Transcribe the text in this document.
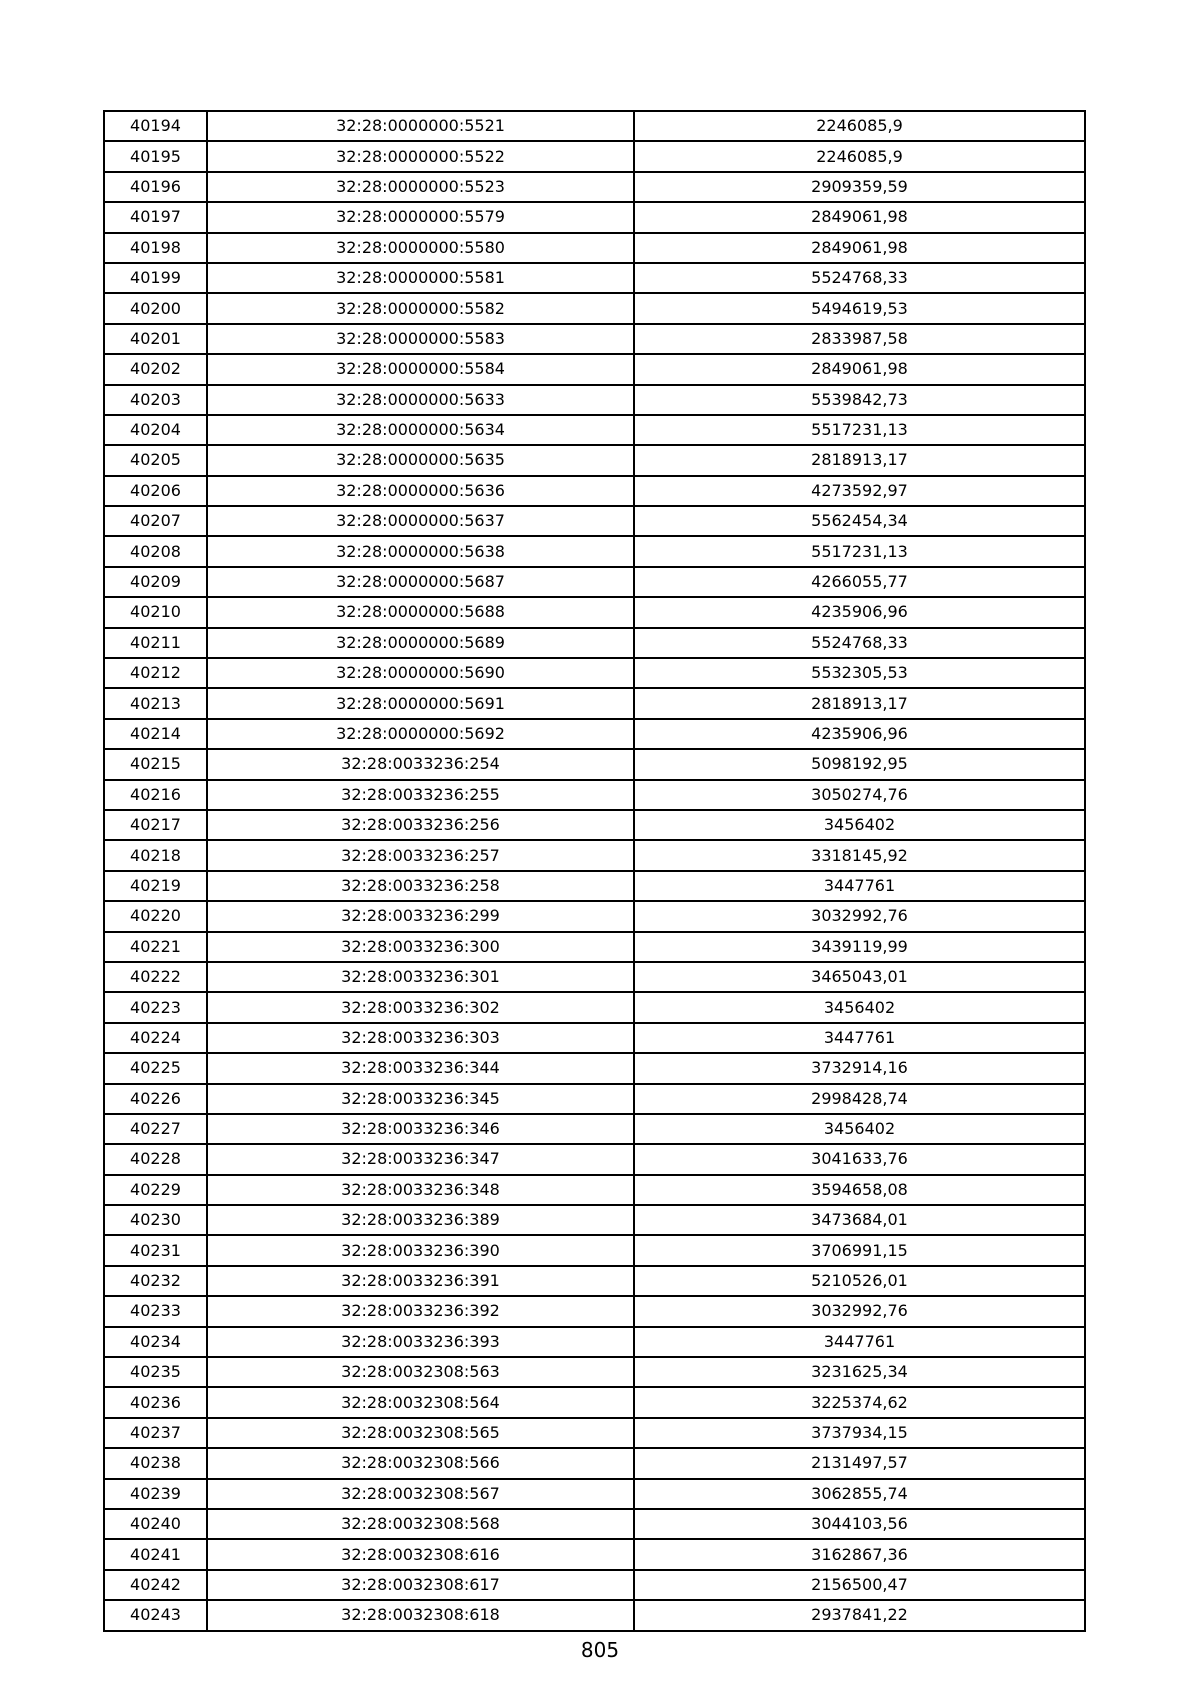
40194	32:28:0000000:5521	2246085,9
40195	32:28:0000000:5522	2246085,9
40196	32:28:0000000:5523	2909359,59
40197	32:28:0000000:5579	2849061,98
40198	32:28:0000000:5580	2849061,98
40199	32:28:0000000:5581	5524768,33
40200	32:28:0000000:5582	5494619,53
40201	32:28:0000000:5583	2833987,58
40202	32:28:0000000:5584	2849061,98
40203	32:28:0000000:5633	5539842,73
40204	32:28:0000000:5634	5517231,13
40205	32:28:0000000:5635	2818913,17
40206	32:28:0000000:5636	4273592,97
40207	32:28:0000000:5637	5562454,34
40208	32:28:0000000:5638	5517231,13
40209	32:28:0000000:5687	4266055,77
40210	32:28:0000000:5688	4235906,96
40211	32:28:0000000:5689	5524768,33
40212	32:28:0000000:5690	5532305,53
40213	32:28:0000000:5691	2818913,17
40214	32:28:0000000:5692	4235906,96
40215	32:28:0033236:254	5098192,95
40216	32:28:0033236:255	3050274,76
40217	32:28:0033236:256	3456402
40218	32:28:0033236:257	3318145,92
40219	32:28:0033236:258	3447761
40220	32:28:0033236:299	3032992,76
40221	32:28:0033236:300	3439119,99
40222	32:28:0033236:301	3465043,01
40223	32:28:0033236:302	3456402
40224	32:28:0033236:303	3447761
40225	32:28:0033236:344	3732914,16
40226	32:28:0033236:345	2998428,74
40227	32:28:0033236:346	3456402
40228	32:28:0033236:347	3041633,76
40229	32:28:0033236:348	3594658,08
40230	32:28:0033236:389	3473684,01
40231	32:28:0033236:390	3706991,15
40232	32:28:0033236:391	5210526,01
40233	32:28:0033236:392	3032992,76
40234	32:28:0033236:393	3447761
40235	32:28:0032308:563	3231625,34
40236	32:28:0032308:564	3225374,62
40237	32:28:0032308:565	3737934,15
40238	32:28:0032308:566	2131497,57
40239	32:28:0032308:567	3062855,74
40240	32:28:0032308:568	3044103,56
40241	32:28:0032308:616	3162867,36
40242	32:28:0032308:617	2156500,47
40243	32:28:0032308:618	2937841,22
805
